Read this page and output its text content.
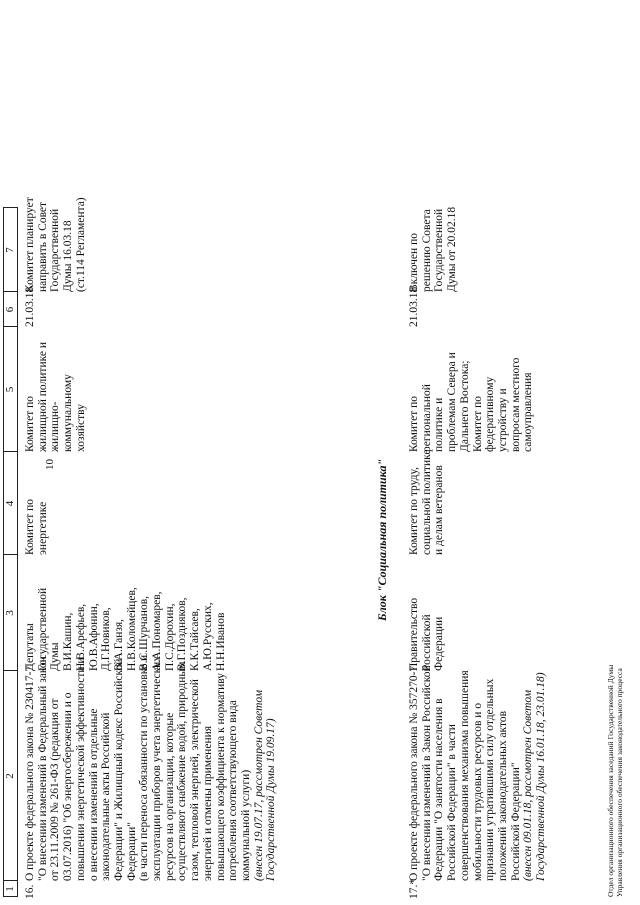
10
1
2
3
4
5
6
7
16.
О проекте федерального закона № 230417-7 "О внесении изменений в Федеральный закон от 23.11.2009 № 261-ФЗ (редакция от 03.07.2016) "Об энергосбережении и о повышении энергетической эффективности и о внесении изменений в отдельные законодательные акты Российской Федерации" и Жилищный кодекс Российской Федерации" (в части переноса обязанности по установке и эксплуатации приборов учета энергетических ресурсов на организации, которые осуществляют снабжение водой, природным газом, тепловой энергией, электрической энергией и отмены применения повышающего коэффициента к нормативу потребления соответствующего вида коммунальной услуги) (внесен 19.07.17, рассмотрен Советом Государственной Думы 19.09.17)
Депутаты Государственной Думы В.И.Кашин, Н.В.Арефьев, Ю.В.Афонин, Д.Г.Новиков, В.А.Ганзя, Н.В.Коломейцев, В.С.Шурчанов, А.А.Пономарев, П.С.Дорохин, В.Г.Поздняков, К.К.Тайсаев, А.Ю.Русских, Н.Н.Иванов
Комитет по энергетике
Комитет по жилищной политике и жилищно- коммунальному хозяйству
21.03.18
Комитет планирует направить в Совет Государственной Думы 16.03.18 (ст.114 Регламента)
Блок "Социальная политика"
17.*
О проекте федерального закона № 357270-7 "О внесении изменений в Закон Российской Федерации "О занятости населения в Российской Федерации" в части совершенствования механизма повышения мобильности трудовых ресурсов и о признании утратившими силу отдельных положений законодательных актов Российской Федерации" (внесен 09.01.18, рассмотрен Советом Государственной Думы 16.01.18, 23.01.18)
Правительство Российской Федерации
Комитет по труду, социальной политике и делам ветеранов
Комитет по региональной политике и проблемам Севера и Дальнего Востока; Комитет по федеративному устройству и вопросам местного самоуправления
21.03.18
Включен по решению Совета Государственной Думы от 20.02.18
Отдел организационного обеспечения заседаний Государственной Думы Управления организационного обеспечения законодательного процесса
